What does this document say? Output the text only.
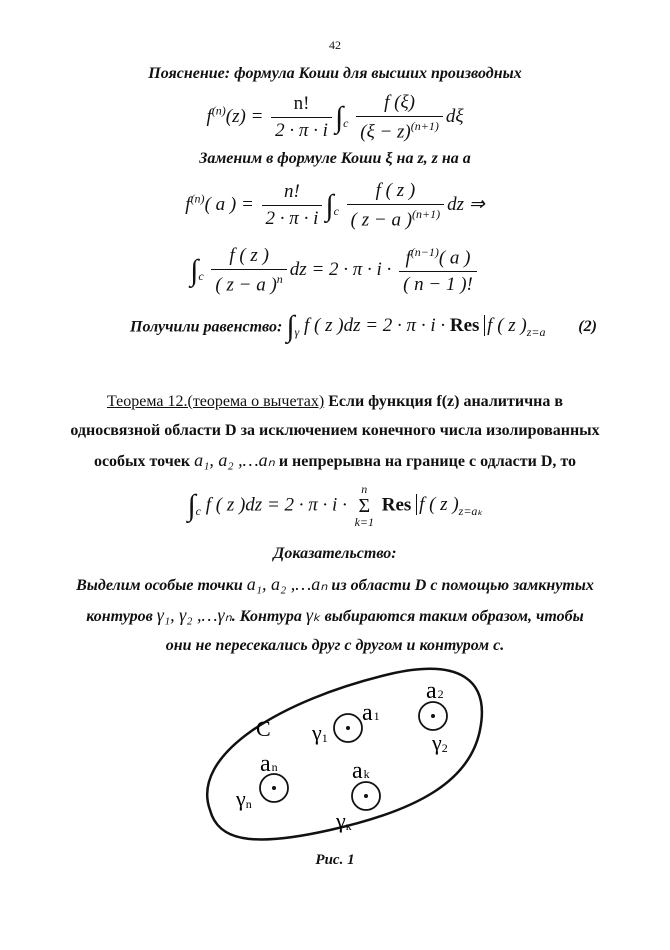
42
Пояснение: формула Коши для высших производных
$f^{(n)}(z) = \frac{n!}{2 \cdot \pi \cdot i} \int_c \frac{f (\xi)}{(\xi - z)^{(n+1)}}$ dξ
Заменим в формуле Коши ξ на z, z на a
$f^{(n)}$( a ) = $\frac{n!}{2 \cdot \pi \cdot i} \int_c \frac{f ( z )}{( z - a )^{(n+1)}}$ dz ⇒
$\int_c \frac{f ( z )}{( z - a )^n}$ dz = $2 \cdot \pi \cdot i \cdot \frac{f^{(n-1)}( a )}{( n - 1 )!}$
Получили равенство: $\int_\gamma$ f ( z )dz = 2 · π · i · Res f ( z )$_{z=a}$ (2)
Теорема 12.(теорема о вычетах) Если функция f(z) аналитична в
односвязной области D за исключением конечного числа изолированных
особых точек a₁, a₂ ,…aₙ и непрерывна на границе с одласти D, то
$\int_c$ f ( z )dz = 2 · π · i ·
n
Σ
k=1
Res f ( z )$_{z=a_k}$
Доказательство:
Выделим особые точки a₁, a₂ ,…aₙ из области D с помощью замкнутых
контуров γ₁, γ₂ ,…γₙ. Контура γₖ выбираются таким образом, чтобы
они не пересекались друг с другом и контуром с.
C
a1
γ1
a2
γ2
an
γn
ak
γк
Рис. 1
